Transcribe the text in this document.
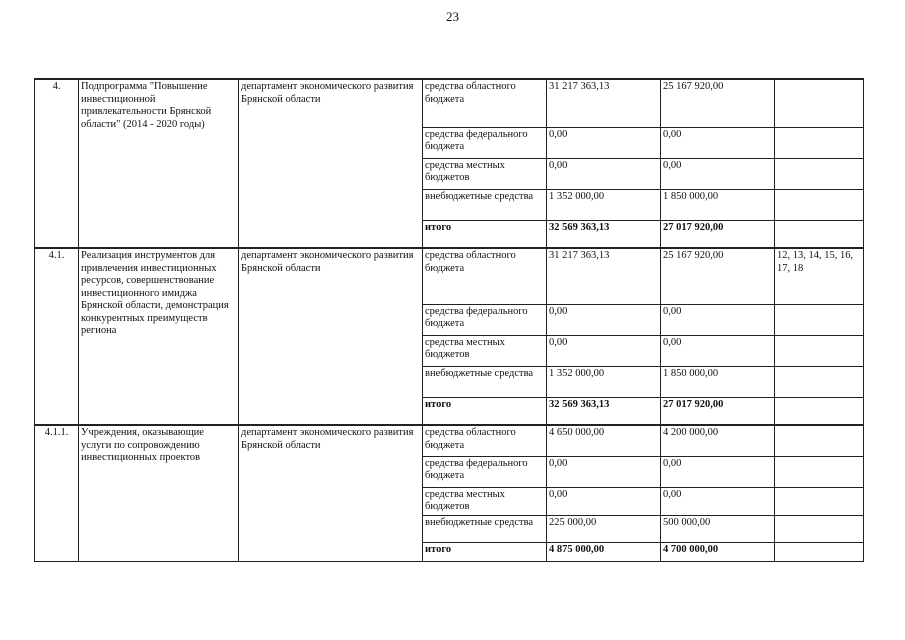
23
4.	Подпрограмма "Повышение инвестиционной привлекательности Брянской области" (2014 - 2020 годы)	департамент экономического развития Брянской области	средства областного бюджета	31 217 363,13	25 167 920,00	
			средства федерального бюджета	0,00	0,00	
			средства местных бюджетов	0,00	0,00	
			внебюджетные средства	1 352 000,00	1 850 000,00	
			итого	32 569 363,13	27 017 920,00	
4.1.	Реализация инструментов для привлечения инвестиционных ресурсов, совершенствование инвестиционного имиджа Брянской области, демонстрация конкурентных преимуществ региона	департамент экономического развития Брянской области	средства областного бюджета	31 217 363,13	25 167 920,00	12, 13, 14, 15, 16, 17, 18
			средства федерального бюджета	0,00	0,00	
			средства местных бюджетов	0,00	0,00	
			внебюджетные средства	1 352 000,00	1 850 000,00	
			итого	32 569 363,13	27 017 920,00	
4.1.1.	Учреждения, оказывающие услуги по сопровождению инвестиционных проектов	департамент экономического развития Брянской области	средства областного бюджета	4 650 000,00	4 200 000,00	
			средства федерального бюджета	0,00	0,00	
			средства местных бюджетов	0,00	0,00	
			внебюджетные средства	225 000,00	500 000,00	
			итого	4 875 000,00	4 700 000,00	
